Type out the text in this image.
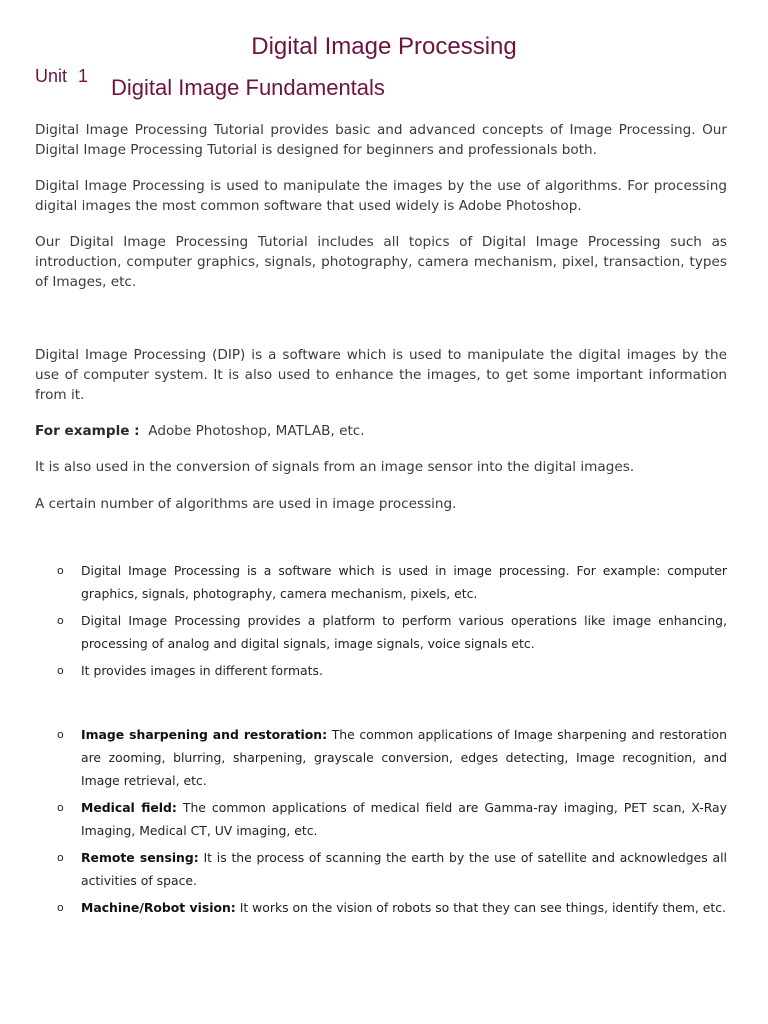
Digital Image Processing
Unit 1 Digital Image Fundamentals

Digital Image Processing Tutorial provides basic and advanced concepts of Image Processing. Our Digital Image Processing Tutorial is designed for beginners and professionals both.

Digital Image Processing is used to manipulate the images by the use of algorithms. For processing digital images the most common software that used widely is Adobe Photoshop.

Our Digital Image Processing Tutorial includes all topics of Digital Image Processing such as introduction, computer graphics, signals, photography, camera mechanism, pixel, transaction, types of Images, etc.

Digital Image Processing (DIP) is a software which is used to manipulate the digital images by the use of computer system. It is also used to enhance the images, to get some important information from it.

For example : Adobe Photoshop, MATLAB, etc.

It is also used in the conversion of signals from an image sensor into the digital images.

A certain number of algorithms are used in image processing.

o Digital Image Processing is a software which is used in image processing. For example: computer graphics, signals, photography, camera mechanism, pixels, etc.
o Digital Image Processing provides a platform to perform various operations like image enhancing, processing of analog and digital signals, image signals, voice signals etc.
o It provides images in different formats.
o Image sharpening and restoration: The common applications of Image sharpening and restoration are zooming, blurring, sharpening, grayscale conversion, edges detecting, Image recognition, and Image retrieval, etc.
o Medical field: The common applications of medical field are Gamma-ray imaging, PET scan, X-Ray Imaging, Medical CT, UV imaging, etc.
o Remote sensing: It is the process of scanning the earth by the use of satellite and acknowledges all activities of space.
o Machine/Robot vision: It works on the vision of robots so that they can see things, identify them, etc.
